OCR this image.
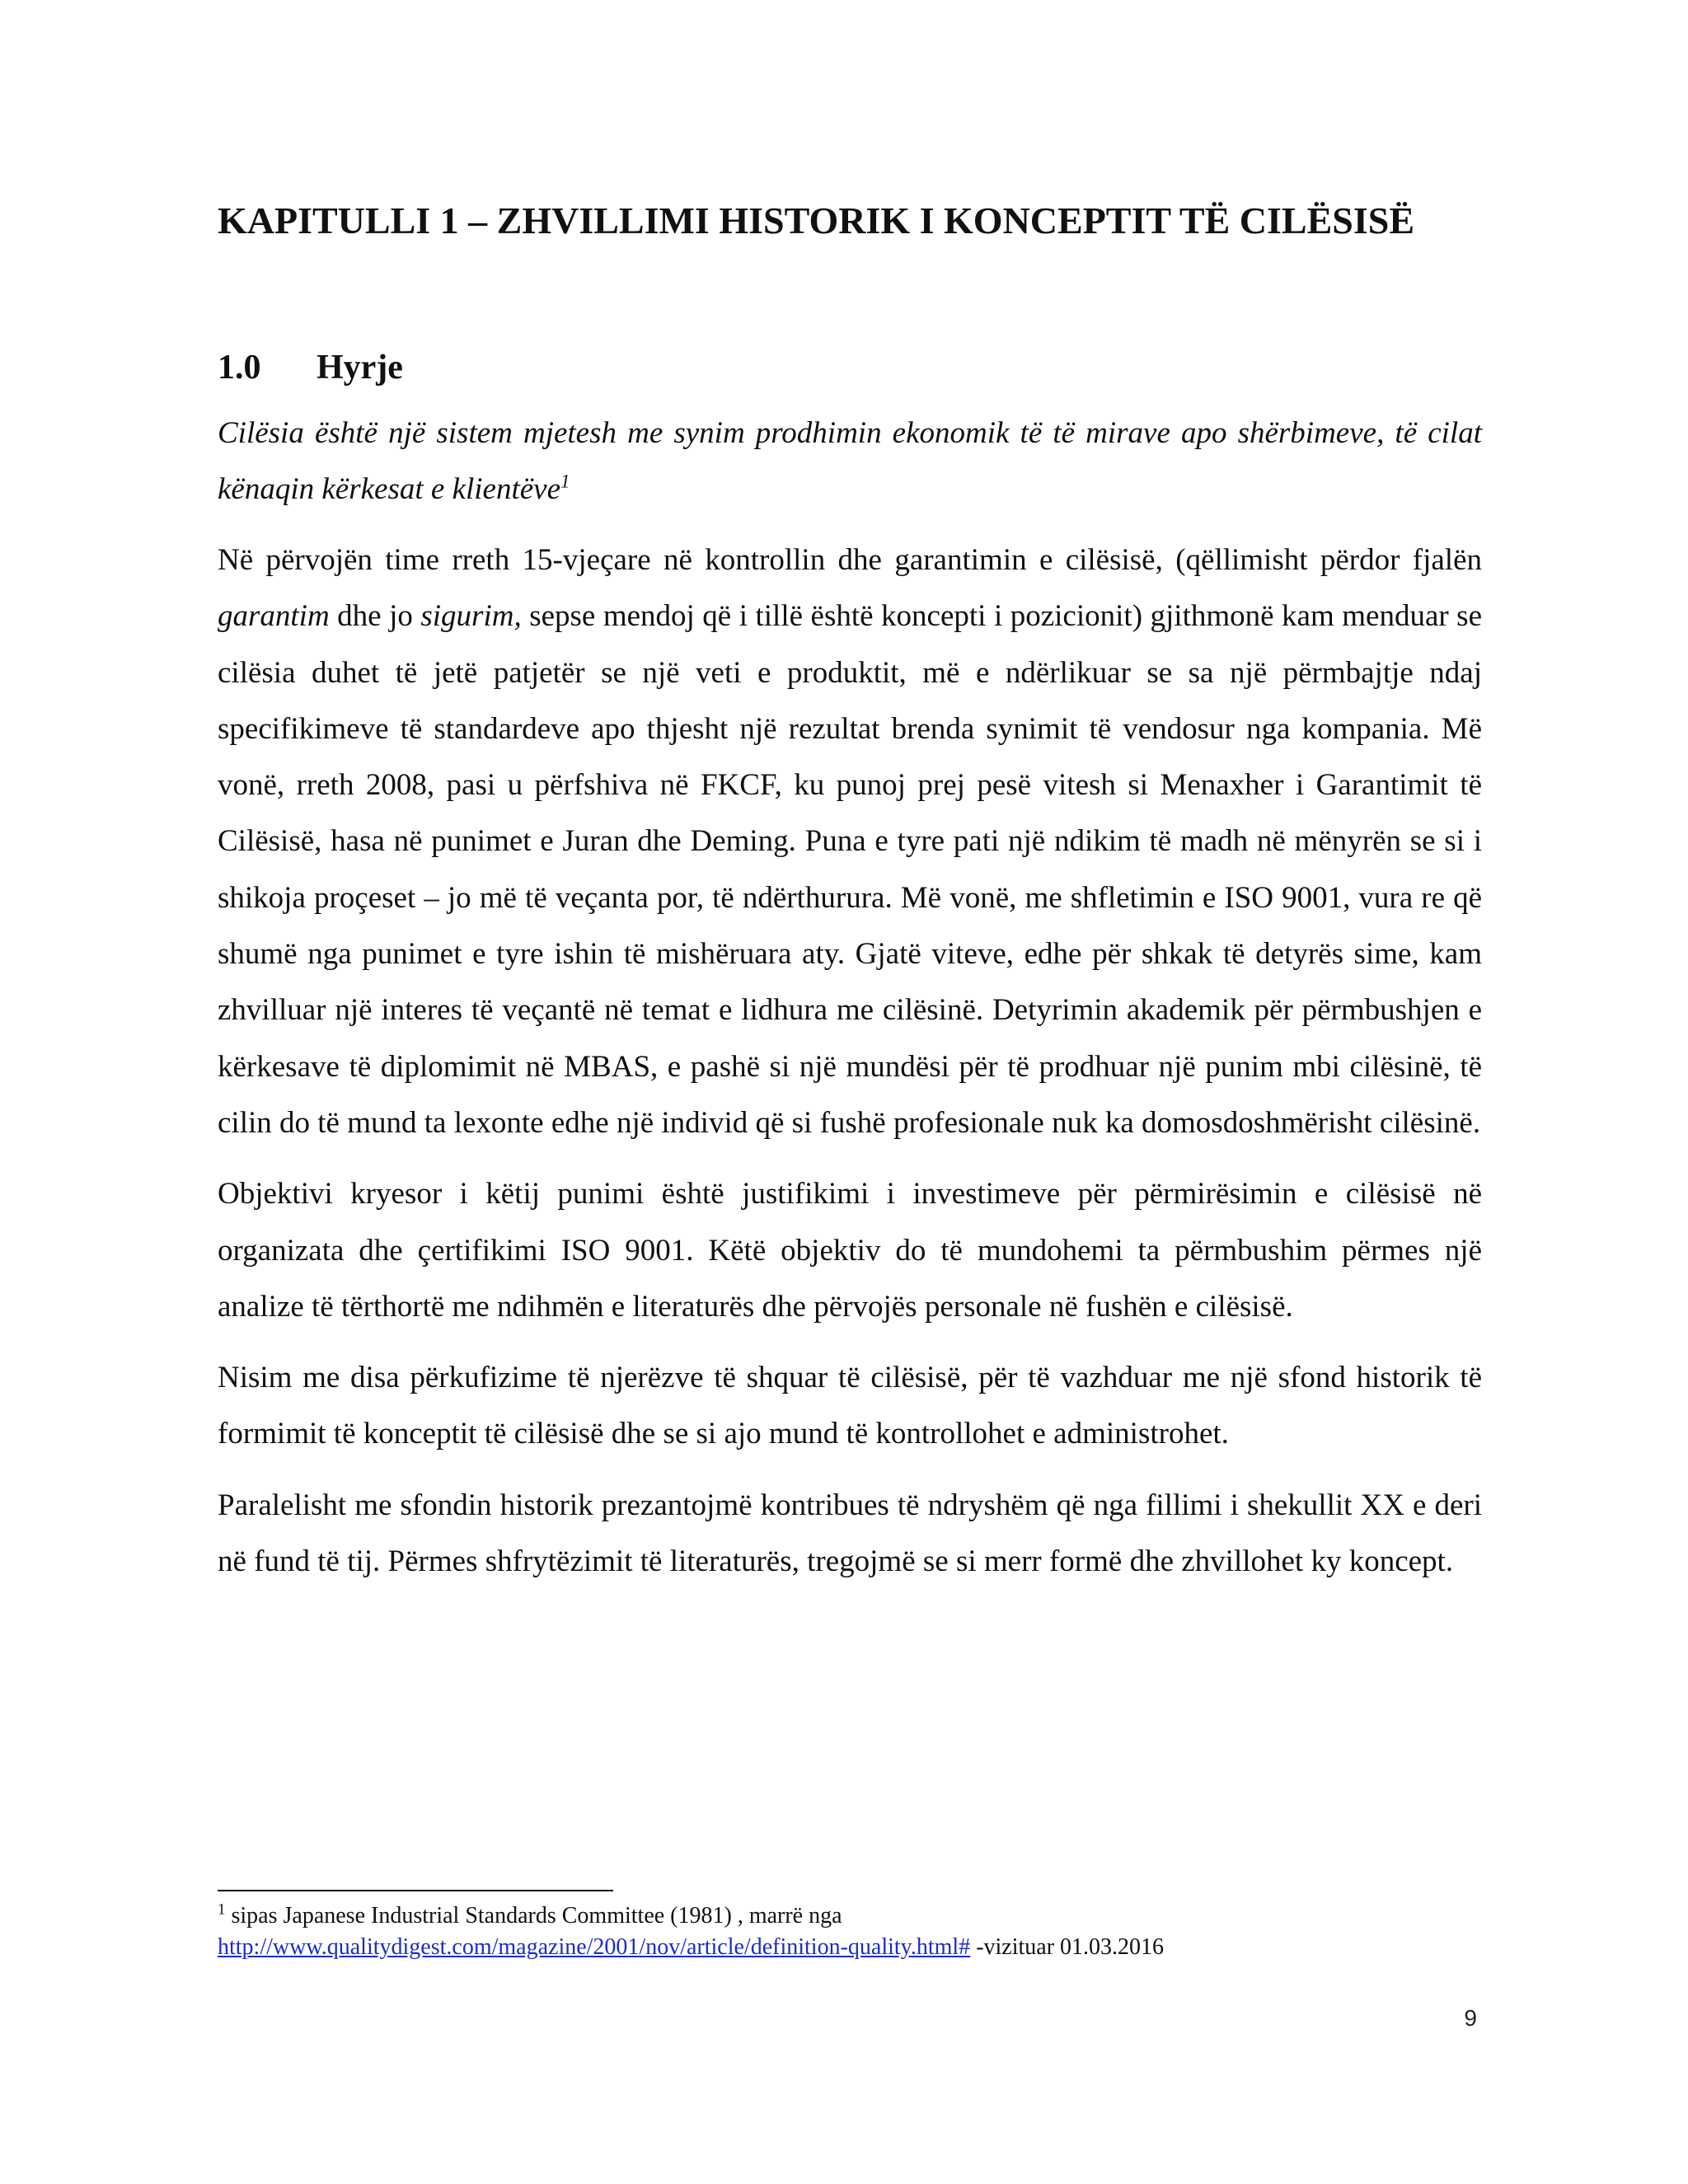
KAPITULLI 1 – ZHVILLIMI HISTORIK I KONCEPTIT TË CILËSISË
1.0 Hyrje

Cilësia është një sistem mjetesh me synim prodhimin ekonomik të të mirave apo shërbimeve, të cilat kënaqin kërkesat e klientëve$^1$

Në përvojën time rreth 15-vjeçare në kontrollin dhe garantimin e cilësisë, (qëllimisht përdor fjalën garantim dhe jo sigurim, sepse mendoj që i tillë është koncepti i pozicionit) gjithmonë kam menduar se cilësia duhet të jetë patjetër se një veti e produktit, më e ndërlikuar se sa një përmbajtje ndaj specifikimeve të standardeve apo thjesht një rezultat brenda synimit të vendosur nga kompania. Më vonë, rreth 2008, pasi u përfshiva në FKCF, ku punoj prej pesë vitesh si Menaxher i Garantimit të Cilësisë, hasa në punimet e Juran dhe Deming. Puna e tyre pati një ndikim të madh në mënyrën se si i shikoja proçeset – jo më të veçanta por, të ndërthurura. Më vonë, me shfletimin e ISO 9001, vura re që shumë nga punimet e tyre ishin të mishëruara aty. Gjatë viteve, edhe për shkak të detyrës sime, kam zhvilluar një interes të veçantë në temat e lidhura me cilësinë. Detyrimin akademik për përmbushjen e kërkesave të diplomimit në MBAS, e pashë si një mundësi për të prodhuar një punim mbi cilësinë, të cilin do të mund ta lexonte edhe një individ që si fushë profesionale nuk ka domosdoshmërisht cilësinë.

Objektivi kryesor i këtij punimi është justifikimi i investimeve për përmirësimin e cilësisë në organizata dhe çertifikimi ISO 9001. Këtë objektiv do të mundohemi ta përmbushim përmes një analize të tërthortë me ndihmën e literaturës dhe përvojës personale në fushën e cilësisë.

Nisim me disa përkufizime të njerëzve të shquar të cilësisë, për të vazhduar me një sfond historik të formimit të konceptit të cilësisë dhe se si ajo mund të kontrollohet e administrohet.

Paralelisht me sfondin historik prezantojmë kontribues të ndryshëm që nga fillimi i shekullit XX e deri në fund të tij. Përmes shfrytëzimit të literaturës, tregojmë se si merr formë dhe zhvillohet ky koncept.

$^1$ sipas Japanese Industrial Standards Committee (1981) , marrë nga
http://www.qualitydigest.com/magazine/2001/nov/article/definition-quality.html# -vizituar 01.03.2016

9
